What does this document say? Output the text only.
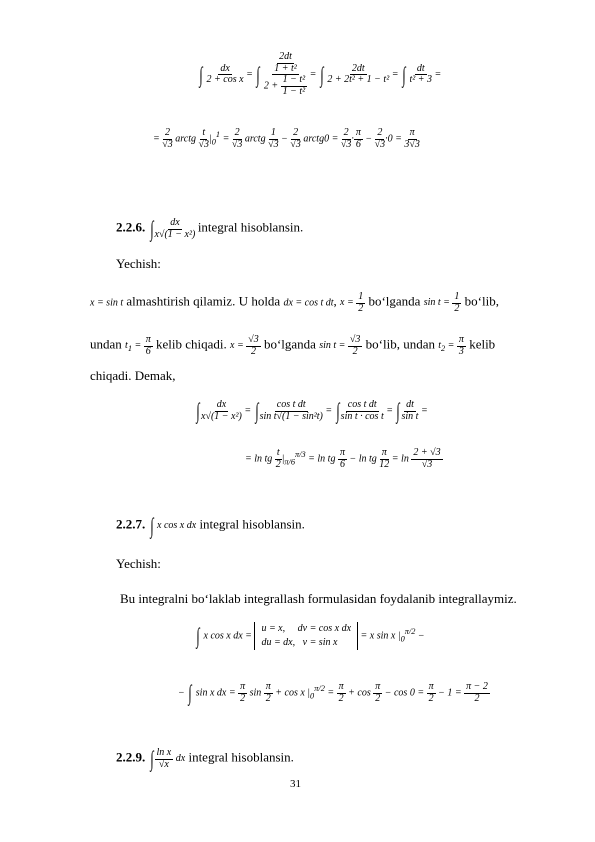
∫ $\frac{dx}{\text{2 + cos x}}$ = ∫ $\frac{\frac{2dt}{\text{1 + t²}}}{2 + \frac{\text{1 − t²}}{\text{1 − t²}}}$ = ∫ $\frac{2dt}{\text{2 + 2t² + 1 − t²}}$ = ∫ $\frac{dt}{\text{t² + 3}}$ =
= $\frac{2}{√3}$ arctg $\frac{t}{√3} |_0^1 = \frac{2}{√3}$ arctg $\frac{1}{√3} - \frac{2}{√3}$ arctg0 = $\frac{2}{√3} \cdot \frac{\pi}{6} - \frac{2}{√3} \cdot 0 = \frac{\pi}{3√3}$
2.2.6. ∫ $\frac{dx}{\text{x√(1 − x²)}}$ integral hisoblansin.
Yechish:
x = sin t almashtirish qilamiz. U holda dx = cos t dt, $x = \frac{1}{2}$ bo‘lganda $\sin t = \frac{1}{2}$ bo‘lib,
undan $t_1 = \frac{\pi}{6}$ kelib chiqadi. $x = \frac{√3}{2}$ bo‘lganda $\sin t = \frac{√3}{2}$ bo‘lib, undan $t_2 = \frac{\pi}{3}$ kelib
chiqadi. Demak,
∫ $\frac{dx}{\text{x√(1 − x²)}}$ = ∫ $\frac{\text{cos t dt}}{\text{sin t√(1 − sin²t)}}$ = ∫ $\frac{\text{cos t dt}}{\text{sin t · cos t}}$ = ∫ $\frac{dt}{\text{sin t}}$ =
= ln tg $\frac{t}{2} |_{\pi/6}^{\pi/3} = \ln$ tg $\frac{\pi}{6} - \ln$ tg $\frac{\pi}{12} = \ln \frac{2 + √3}{√3}$
2.2.7. ∫ x cos x dx integral hisoblansin.
Yechish:
Bu integralni bo‘laklab integrallash formulasidan foydalanib integrallaymiz.
∫ x cos x dx = u = x,     dv = cos x dx
du = dx,   v = sin x = x sin x $|_0^{\pi/2}$ −
− ∫ sin x dx = $\frac{\pi}{2}$ $\sin \frac{\pi}{2} + \cos x$ $|_0^{\pi/2} = \frac{\pi}{2} + \cos \frac{\pi}{2} - \cos 0 = \frac{\pi}{2} - 1 = \frac{\pi - 2}{2}$
2.2.9. ∫ $\frac{\text{ln x}}{√x}$ dx integral hisoblansin.
31
